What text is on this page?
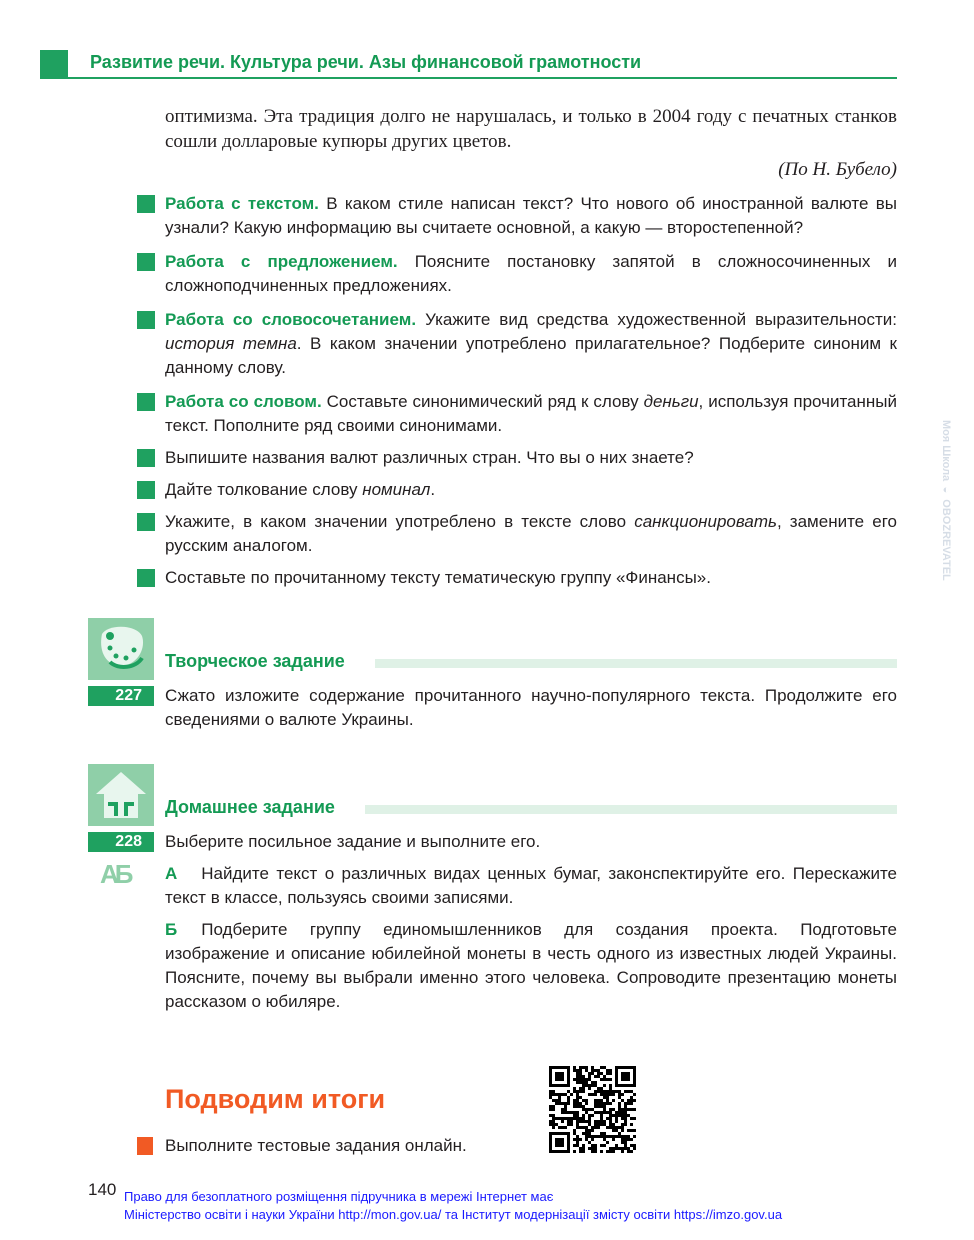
Моя Школа ◐ OBOZREVATEL
Развитие речи. Культура речи. Азы финансовой грамотности
оптимизма. Эта традиция долго не нарушалась, и только в 2004 году с печатных станков сошли долларовые купюры других цветов.
(По Н. Бубело)
Работа с текстом. В каком стиле написан текст? Что нового об иностранной валюте вы узнали? Какую информацию вы считаете основной, а какую — второстепенной?
Работа с предложением. Поясните постановку запятой в сложносочиненных и сложноподчиненных предложениях.
Работа со словосочетанием. Укажите вид средства художественной выразительности: история темна. В каком значении употреблено прилагательное? Подберите синоним к данному слову.
Работа со словом. Составьте синонимический ряд к слову деньги, используя прочитанный текст. Пополните ряд своими синонимами.
Выпишите названия валют различных стран. Что вы о них знаете?
Дайте толкование слову номинал.
Укажите, в каком значении употреблено в тексте слово санкционировать, замените его русским аналогом.
Составьте по прочитанному тексту тематическую группу «Финансы».
Творческое задание
227	Сжато изложите содержание прочитанного научно-популярного текста. Продолжите его сведениями о валюте Украины.
Домашнее задание
228	Выберите посильное задание и выполните его.
АБ А Найдите текст о различных видах ценных бумаг, законспектируйте его. Перескажите текст в классе, пользуясь своими записями.
Б Подберите группу единомышленников для создания проекта. Подготовьте изображение и описание юбилейной монеты в честь одного из известных людей Украины. Поясните, почему вы выбрали именно этого человека. Сопроводите презентацию монеты рассказом о юбиляре.
Подводим итоги
Выполните тестовые задания онлайн.
140 Право для безоплатного розміщення підручника в мережі Інтернет має
Міністерство освіти і науки України http://mon.gov.ua/ та Інститут модернізації змісту освіти https://imzo.gov.ua
